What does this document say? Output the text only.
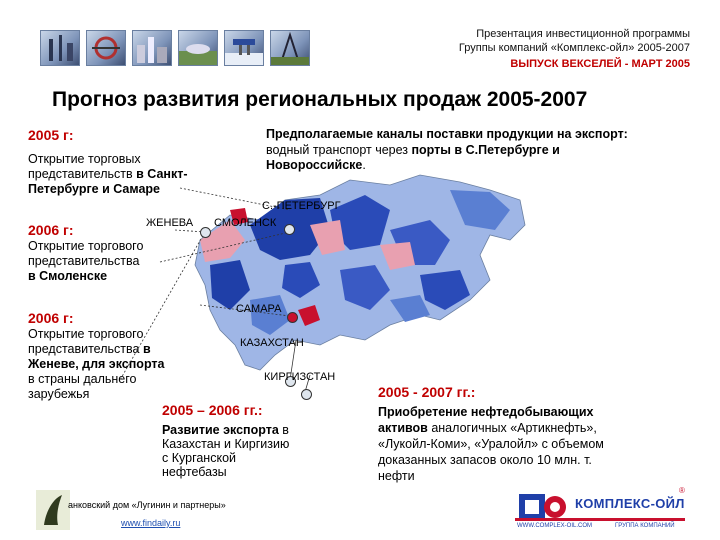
Презентация инвестиционной программы
Группы компаний «Комплекс-ойл» 2005-2007
ВЫПУСК ВЕКСЕЛЕЙ - МАРТ 2005
Прогноз развития региональных продаж 2005-2007
Предполагаемые каналы поставки продукции на экспорт:
водный транспорт через порты в С.Петербурге и
Новороссийске.
2005 г:
Открытие торговых
представительств в Санкт-
Петербурге и Самаре
2006 г:
Открытие торгового
представительства
в Смоленске
2006 г:
Открытие торгового
представительства в
Женеве, для экспорта
в страны дальнего
зарубежья
С.-ПЕТЕРБУРГ
ЖЕНЕВА СМОЛЕНСК
САМАРА
КАЗАХСТАН
КИРГИЗСТАН
2005 – 2006 гг.:
Развитие экспорта в
Казахстан и Киргизию
с Курганской
нефтебазы
2005 - 2007 гг.:
Приобретение нефтедобывающих
активов аналогичных «Артикнефть»,
«Лукойл-Коми», «Уралойл» с объемом
доказанных запасов около 10 млн. т.
нефти
анковский дом «Лугинин и партнеры»
www.findaily.ru
КОМПЛЕКС-ОЙЛ
®
WWW.COMPLEX-OIL.COM	ГРУППА КОМПАНИЙ
